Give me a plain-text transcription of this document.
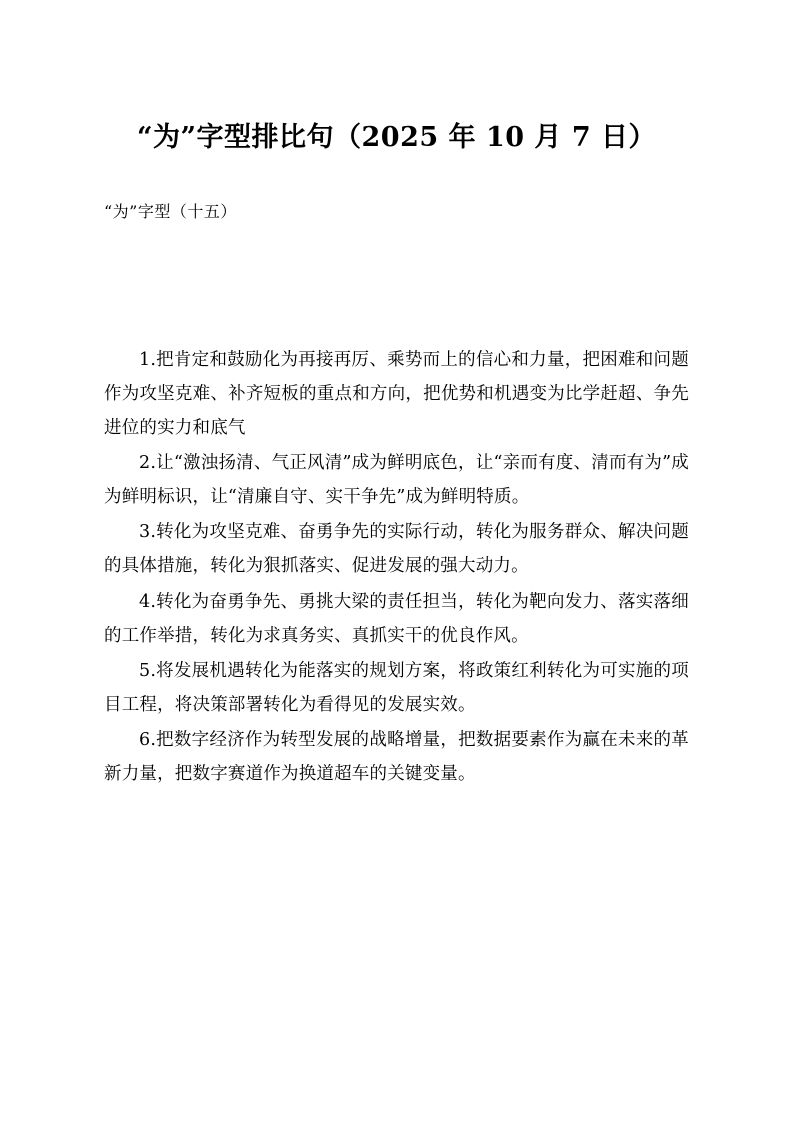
“为”字型排比句（2025 年 10 月 7 日）

“为”字型（十五）

1.把肯定和鼓励化为再接再厉、乘势而上的信心和力量，把困难和问题作为攻坚克难、补齐短板的重点和方向，把优势和机遇变为比学赶超、争先进位的实力和底气

2.让“激浊扬清、气正风清”成为鲜明底色，让“亲而有度、清而有为”成为鲜明标识，让“清廉自守、实干争先”成为鲜明特质。

3.转化为攻坚克难、奋勇争先的实际行动，转化为服务群众、解决问题的具体措施，转化为狠抓落实、促进发展的强大动力。

4.转化为奋勇争先、勇挑大梁的责任担当，转化为靶向发力、落实落细的工作举措，转化为求真务实、真抓实干的优良作风。

5.将发展机遇转化为能落实的规划方案，将政策红利转化为可实施的项目工程，将决策部署转化为看得见的发展实效。

6.把数字经济作为转型发展的战略增量，把数据要素作为赢在未来的革新力量，把数字赛道作为换道超车的关键变量。
